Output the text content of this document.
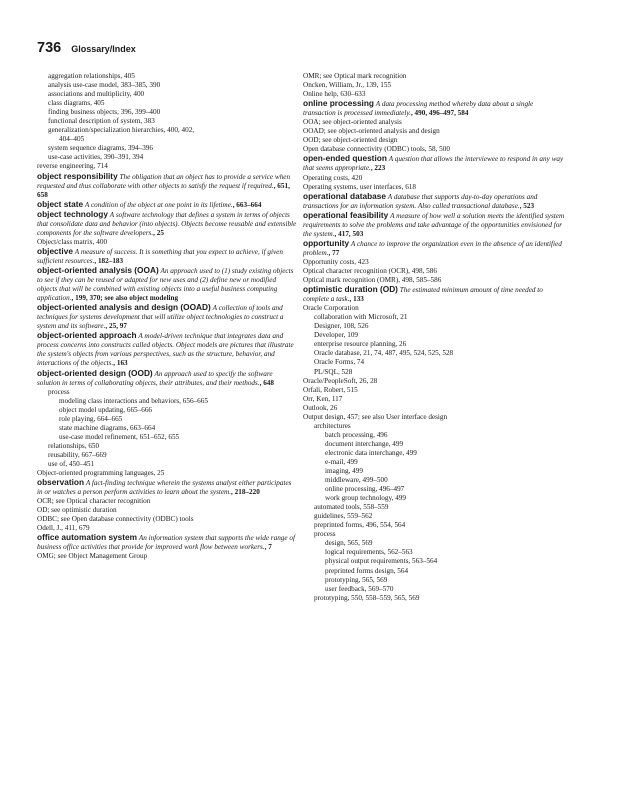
736 Glossary/Index
aggregation relationships, 405
analysis use-case model, 383–385, 390
associations and multiplicity, 400
class diagrams, 405
finding business objects, 396, 399–400
functional description of system, 383
generalization/specialization hierarchies, 400, 402,
404–405
system sequence diagrams, 394–396
use-case activities, 390–391, 394
reverse engineering, 714
object responsibility The obligation that an object has to provide a service when requested and thus collaborate with other objects to satisfy the request if required., 651, 658
object state A condition of the object at one point in its lifetime., 663–664
object technology A software technology that defines a system in terms of objects that consolidate data and behavior (into objects). Objects become reusable and extensible components for the software developers., 25
Object/class matrix, 400
objective A measure of success. It is something that you expect to achieve, if given sufficient resources., 182–183
object-oriented analysis (OOA) An approach used to (1) study existing objects to see if they can be reused or adapted for new uses and (2) define new or modified objects that will be combined with existing objects into a useful business computing application., 199, 370; see also object modeling
object-oriented analysis and design (OOAD) A collection of tools and techniques for systems development that will utilize object technologies to construct a system and its software., 25, 97
object-oriented approach A model-driven technique that integrates data and process concerns into constructs called objects. Object models are pictures that illustrate the system's objects from various perspectives, such as the structure, behavior, and interactions of the objects., 163
object-oriented design (OOD) An approach used to specify the software solution in terms of collaborating objects, their attributes, and their methods., 648
process
modeling class interactions and behaviors, 656–665
object model updating, 665–666
role playing, 664–665
state machine diagrams, 663–664
use-case model refinement, 651–652, 655
relationships, 650
reusability, 667–669
use of, 450–451
Object-oriented programming languages, 25
observation A fact-finding technique wherein the systems analyst either participates in or watches a person perform activities to learn about the system., 218–220
OCR; see Optical character recognition
OD; see optimistic duration
ODBC; see Open database connectivity (ODBC) tools
Odell, J., 411, 679
office automation system An information system that supports the wide range of business office activities that provide for improved work flow between workers., 7
OMG; see Object Management Group
OMR; see Optical mark recognition
Oncken, William, Jr., 139, 155
Online help, 630–633
online processing A data processing method whereby data about a single transaction is processed immediately., 490, 496–497, 584
OOA; see object-oriented analysis
OOAD; see object-oriented analysis and design
OOD; see object-oriented design
Open database connectivity (ODBC) tools, 58, 500
open-ended question A question that allows the interviewee to respond in any way that seems appropriate., 223
Operating costs, 420
Operating systems, user interfaces, 618
operational database A database that supports day-to-day operations and transactions for an information system. Also called transactional database., 523
operational feasibility A measure of how well a solution meets the identified system requirements to solve the problems and take advantage of the opportunities envisioned for the system., 417, 503
opportunity A chance to improve the organization even in the absence of an identified problem., 77
Opportunity costs, 423
Optical character recognition (OCR), 498, 586
Optical mark recognition (OMR), 498, 585–586
optimistic duration (OD) The estimated minimum amount of time needed to complete a task., 133
Oracle Corporation
collaboration with Microsoft, 21
Designer, 108, 526
Developer, 109
enterprise resource planning, 26
Oracle database, 21, 74, 487, 495, 524, 525, 528
Oracle Forms, 74
PL/SQL, 528
Oracle/PeopleSoft, 26, 28
Orfali, Robert, 515
Orr, Ken, 117
Outlook, 26
Output design, 457; see also User interface design
architectures
batch processing, 496
document interchange, 499
electronic data interchange, 499
e-mail, 499
imaging, 499
middleware, 499–500
online processing, 496–497
work group technology, 499
automated tools, 558–559
guidelines, 559–562
preprinted forms, 496, 554, 564
process
design, 565, 569
logical requirements, 562–563
physical output requirements, 563–564
preprinted forms design, 564
prototyping, 565, 569
user feedback, 569–570
prototyping, 550, 558–559, 565, 569
